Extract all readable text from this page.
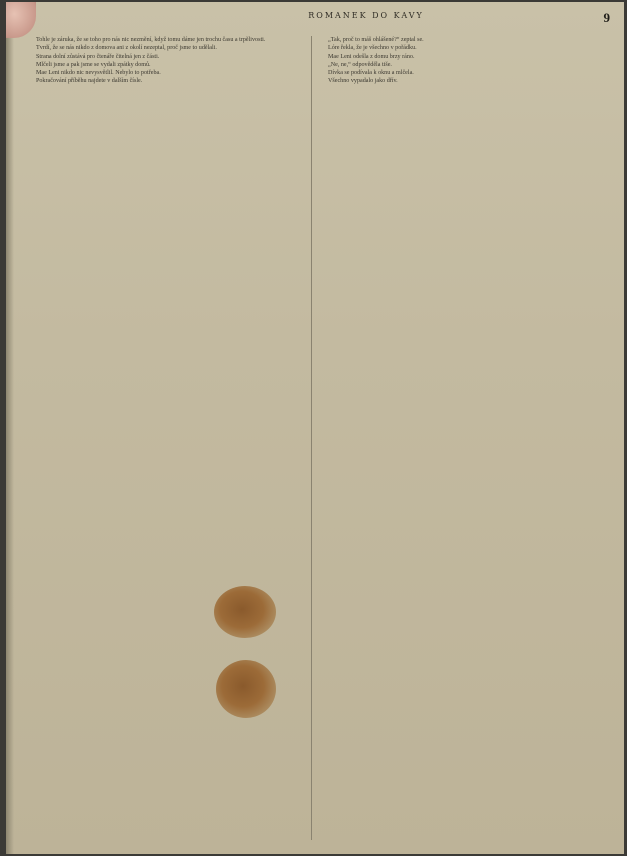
ROMANEK DO KAVY	9

Tohle je záruka, že se toho pro nás nic nezmění, když tomu dáme jen trochu času a trpělivosti.

Tvrdí, že se nás nikdo z domova ani z okolí nezeptal, proč jsme to udělali.

Strana dolní zůstává pro čtenáře čitelná jen z části.

Mlčeli jsme a pak jsme se vydali zpátky domů.

Mae Leni nikdo nic nevysvětlil. Nebylo to potřeba.

Pokračování příběhu najdete v dalším čísle.

„Tak, proč to máš ohlášené?“ zeptal se.

Lóre řekla, že je všechno v pořádku.

Mae Leni odešla z domu brzy ráno.

„Ne, ne,“ odpověděla tiše.

Dívka se podívala k oknu a mlčela.

Všechno vypadalo jako dřív.
